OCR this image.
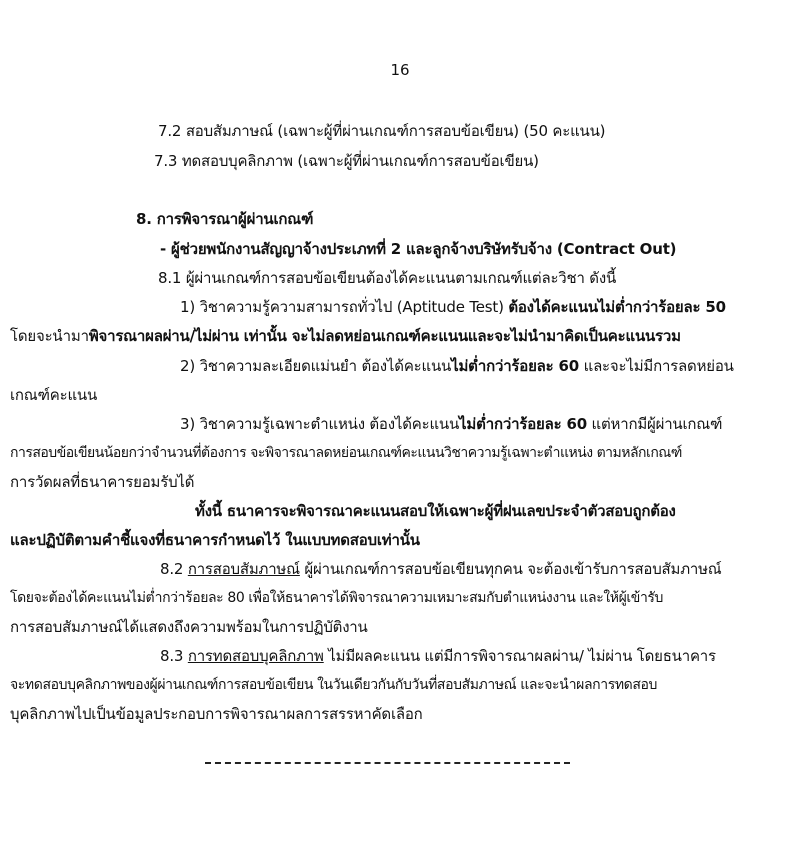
16
7.2 สอบสัมภาษณ์ (เฉพาะผู้ที่ผ่านเกณฑ์การสอบข้อเขียน) (50 คะแนน)
7.3 ทดสอบบุคลิกภาพ (เฉพาะผู้ที่ผ่านเกณฑ์การสอบข้อเขียน)
8. การพิจารณาผู้ผ่านเกณฑ์
- ผู้ช่วยพนักงานสัญญาจ้างประเภทที่ 2 และลูกจ้างบริษัทรับจ้าง (Contract Out)
8.1 ผู้ผ่านเกณฑ์การสอบข้อเขียนต้องได้คะแนนตามเกณฑ์แต่ละวิชา ดังนี้
1) วิชาความรู้ความสามารถทั่วไป (Aptitude Test) ต้องได้คะแนนไม่ต่ำกว่าร้อยละ 50
โดยจะนำมาพิจารณาผลผ่าน/ไม่ผ่าน เท่านั้น จะไม่ลดหย่อนเกณฑ์คะแนนและจะไม่นำมาคิดเป็นคะแนนรวม
2) วิชาความละเอียดแม่นยำ ต้องได้คะแนนไม่ต่ำกว่าร้อยละ 60 และจะไม่มีการลดหย่อน
เกณฑ์คะแนน
3) วิชาความรู้เฉพาะตำแหน่ง ต้องได้คะแนนไม่ต่ำกว่าร้อยละ 60 แต่หากมีผู้ผ่านเกณฑ์
การสอบข้อเขียนน้อยกว่าจำนวนที่ต้องการ จะพิจารณาลดหย่อนเกณฑ์คะแนนวิชาความรู้เฉพาะตำแหน่ง ตามหลักเกณฑ์
การวัดผลที่ธนาคารยอมรับได้
ทั้งนี้ ธนาคารจะพิจารณาคะแนนสอบให้เฉพาะผู้ที่ฝนเลขประจำตัวสอบถูกต้อง
และปฏิบัติตามคำชี้แจงที่ธนาคารกำหนดไว้ ในแบบทดสอบเท่านั้น
8.2 การสอบสัมภาษณ์ ผู้ผ่านเกณฑ์การสอบข้อเขียนทุกคน จะต้องเข้ารับการสอบสัมภาษณ์
โดยจะต้องได้คะแนนไม่ต่ำกว่าร้อยละ 80 เพื่อให้ธนาคารได้พิจารณาความเหมาะสมกับตำแหน่งงาน และให้ผู้เข้ารับ
การสอบสัมภาษณ์ได้แสดงถึงความพร้อมในการปฏิบัติงาน
8.3 การทดสอบบุคลิกภาพ ไม่มีผลคะแนน แต่มีการพิจารณาผลผ่าน/ ไม่ผ่าน โดยธนาคาร
จะทดสอบบุคลิกภาพของผู้ผ่านเกณฑ์การสอบข้อเขียน ในวันเดียวกันกับวันที่สอบสัมภาษณ์ และจะนำผลการทดสอบ
บุคลิกภาพไปเป็นข้อมูลประกอบการพิจารณาผลการสรรหาคัดเลือก
